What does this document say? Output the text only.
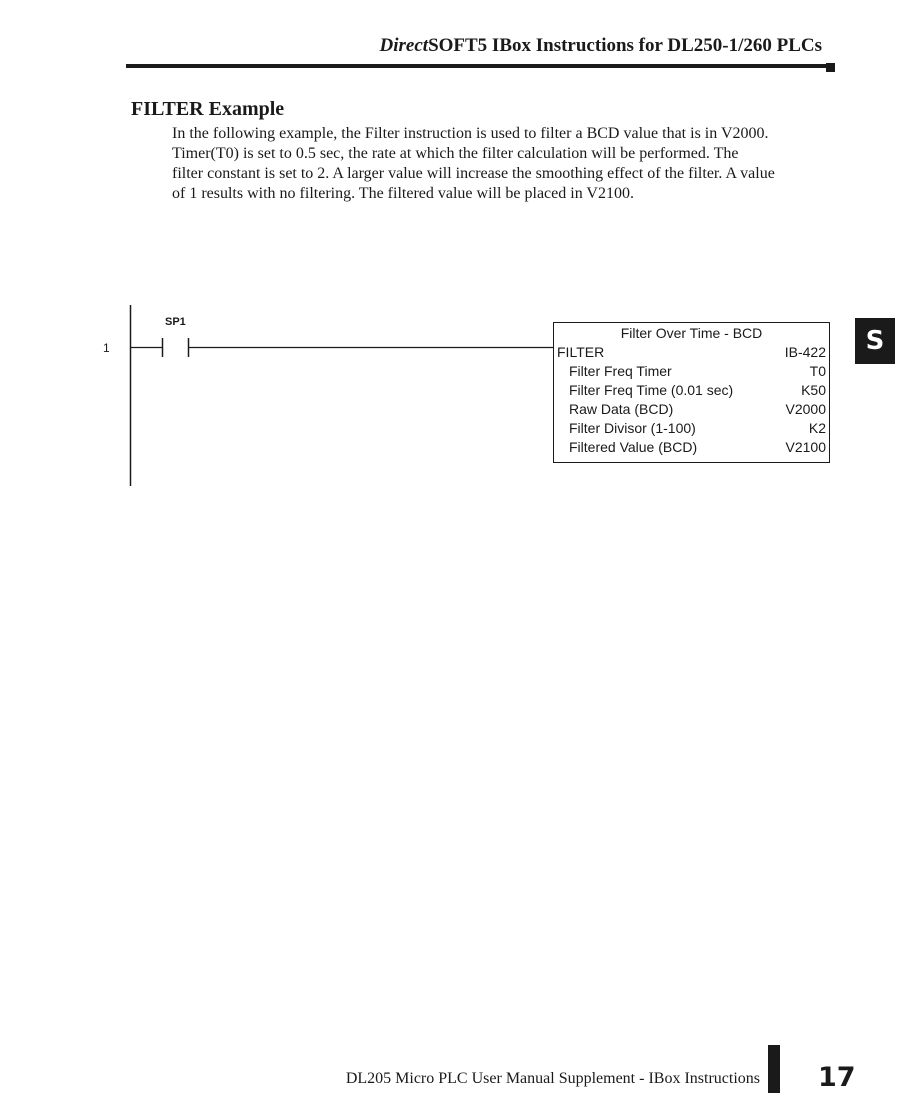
DirectSOFT5 IBox Instructions for DL250-1/260 PLCs
FILTER Example
In the following example, the Filter instruction is used to filter a BCD value that is in V2000.
Timer(T0) is set to 0.5 sec, the rate at which the filter calculation will be performed. The
filter constant is set to 2. A larger value will increase the smoothing effect of the filter. A value
of 1 results with no filtering. The filtered value will be placed in V2100.
S
1
SP1
Filter Over Time - BCD
FILTER	IB-422
Filter Freq Timer	T0
Filter Freq Time (0.01 sec)	K50
Raw Data (BCD)	V2000
Filter Divisor (1-100)	K2
Filtered Value (BCD)	V2100
DL205 Micro PLC User Manual Supplement - IBox Instructions 17
